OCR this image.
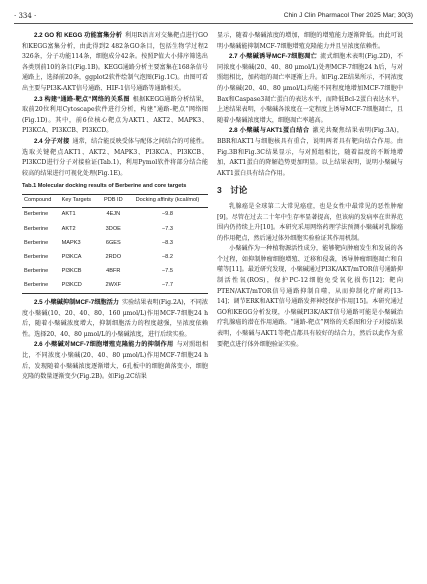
· 334 ·	Chin J Clin Pharmacol Ther 2025 Mar; 30(3)

2.2 GO 和 KEGG 功能富集分析 利用R语言对交集靶点进行GO和KEGG富集分析，由此得到2 482条GO条目，包括生物学过程2 326条，分子功能114条，细胞成分42条。按照P值大小排序筛选出各类别前10的条目(Fig.1B)。KEGG通路分析主要富集在168条信号通路上，选择前20条，ggplot2软件绘制气泡图(Fig.1C)。由图可看出主要与PI3K-AKT信号通路、HIF-1信号通路等通路相关。

2.3 构建“通路-靶点”网络的关系图 根据KEGG通路分析结果，取前20位利用Cytoscape软件进行分析，构建“通路-靶点”网络图(Fig.1D)。其中，前6位核心靶点为AKT1、AKT2、MAPK3、PI3KCA、PI3KCB、PI3KCD。

2.4 分子对接 通常，结合能反映受体与配体之间结合的可能性。选取关键靶点AKT1、AKT2、MAPK3、PI3KCA、PI3KCB、PI3KCD进行分子对接验证(Tab.1)，利用Pymol软件将部分结合能较高的结果进行可视化处理(Fig.1E)。

Tab.1 Molecular docking results of Berberine and core targets
Compound	Key Targets	PDB ID	Docking affinity (kcal/mol)
Berberine	AKT1	4EJN	−9.8
Berberine	AKT2	3DOE	−7.3
Berberine	MAPK3	6GES	−8.3
Berberine	PI3KCA	2RDO	−8.2
Berberine	PI3KCB	4BFR	−7.5
Berberine	PI3KCD	2WXF	−7.7

2.5 小檗碱抑制MCF-7细胞活力 实验结果表明(Fig.2A)，不同浓度小檗碱(10、20、40、80、160 μmol/L)作用MCF-7细胞24 h后，随着小檗碱浓度增大，抑制细胞活力的程度越强，呈浓度依赖性。选择20、40、80 μmol/L的小檗碱浓度，进行后续实验。

2.6 小檗碱对MCF-7细胞增殖克隆能力的抑制作用 与对照组相比，不同浓度小檗碱(20、40、80 μmol/L)作用MCF-7细胞24 h后，发现随着小檗碱浓度逐渐增大，6孔板中的细胞菌落变小，细胞克隆的数量逐渐变少(Fig.2B)。如Fig.2C结果

显示，随着小檗碱浓度的增加，细胞的增殖能力逐渐降低。由此可说明小檗碱能抑制MCF-7细胞增殖克隆能力并且呈浓度依赖性。

2.7 小檗碱诱导MCF-7细胞凋亡 流式细胞术表明(Fig.2D)，不同浓度小檗碱(20、40、80 μmol/L)处理MCF-7细胞24 h后，与对照组相比，加药组的凋亡率逐渐上升。如Fig.2E结果所示，不同浓度的小檗碱(20、40、80 μmol/L)均能不同程度地增加MCF-7细胞中Bax和Caspase3凋亡蛋白的表达水平，而降低Bcl-2蛋白表达水平。上述结果表明，小檗碱各浓度在一定程度上诱导MCF-7细胞凋亡，且随着小檗碱浓度增大，细胞凋亡率越高。

2.8 小檗碱与AKT1蛋白结合 激光共聚焦结果表明(Fig.3A)，BBR和AKT1与细胞核具有重合，说明两者具有靶向结合作用。由Fig.3B和Fig.3C结果显示，与对照组相比，随着温度的不断地增加，AKT1蛋白的降解趋势更加明显。以上结果表明，说明小檗碱与AKT1蛋白具有结合作用。

3　讨论

乳腺癌是全球第二大常见癌症，也是女性中最常见的恶性肿瘤[9]。尽管在过去二十年中生存率显著提高，但该病的发病率在世界范围内仍持续上升[10]。本研究采用网络药理学法预测小檗碱对乳腺癌的作用靶点，然后通过体外细胞实验验证其作用机制。

小檗碱作为一种植物源活性成分，能够靶向肿瘤发生和发展的各个过程，如抑制肿瘤细胞增殖、迁移和侵袭，诱导肿瘤细胞凋亡和自噬等[11]。最近研究发现，小檗碱通过PI3K/AKT/mTOR信号通路抑制活性氧(ROS)，保护PC-12细胞免受氧化损伤[12]；靶向PTEN/AKT/mTOR信号通路抑制自噬，从而抑制化疗耐药[13-14]；调节ERK和AKT信号通路发挥神经保护作用[15]。本研究通过GO和KEGG分析发现，小檗碱PI3K/AKT信号通路可能是小檗碱治疗乳腺癌的潜在作用通路。“通路-靶点”网络的关系图和分子对接结果表明，小檗碱与AKT1等靶点都具有较好的结合力，然后以此作为重要靶点进行体外细胞验证实验。
